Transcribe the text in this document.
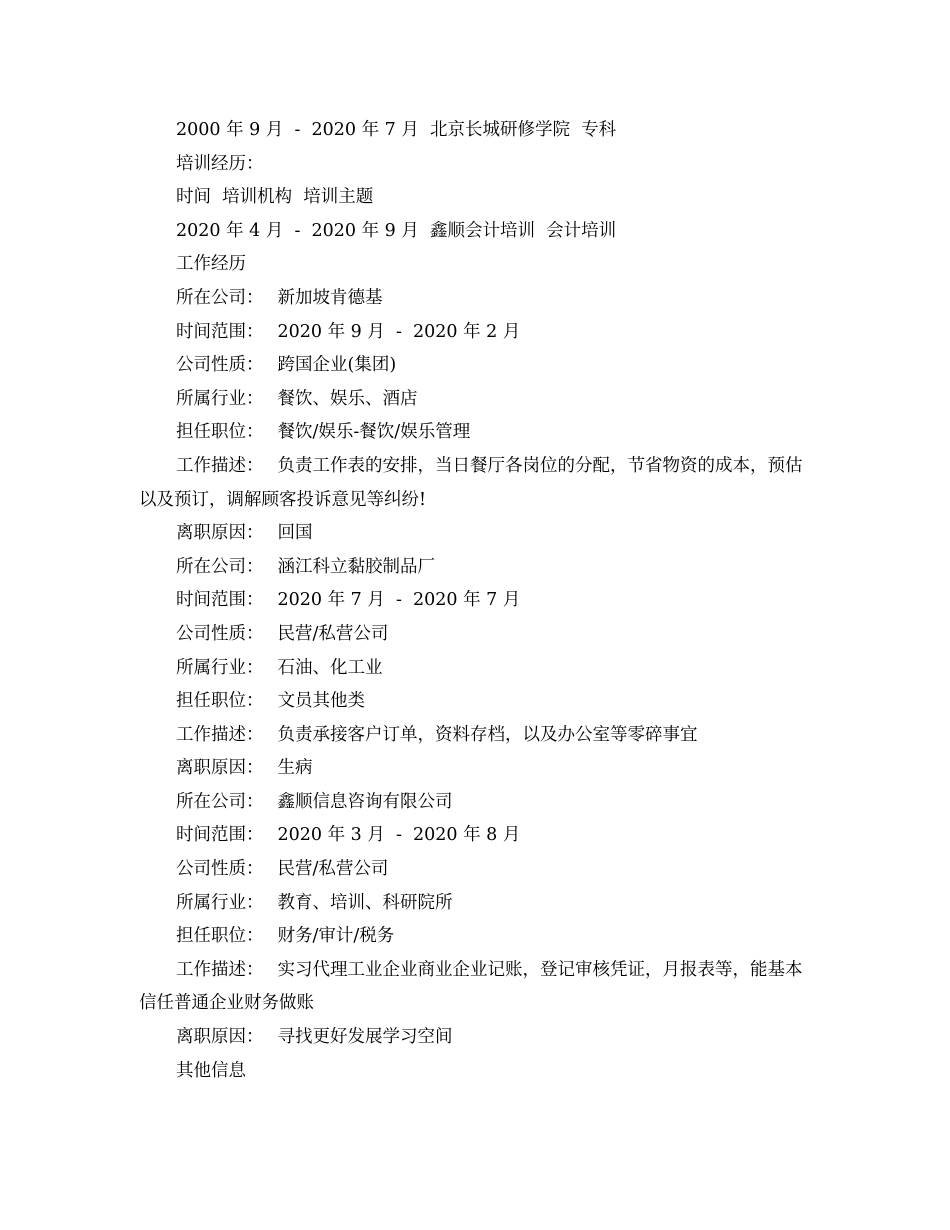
2000 年 9 月  -  2020 年 7 月  北京长城研修学院  专科

培训经历：

时间  培训机构  培训主题

2020 年 4 月  -  2020 年 9 月  鑫顺会计培训  会计培训

工作经历

所在公司： 新加坡肯德基

时间范围： 2020 年 9 月  -  2020 年 2 月

公司性质： 跨国企业(集团)

所属行业： 餐饮、娱乐、酒店

担任职位： 餐饮/娱乐-餐饮/娱乐管理

工作描述： 负责工作表的安排，当日餐厅各岗位的分配，节省物资的成本，预估以及预订，调解顾客投诉意见等纠纷!

离职原因： 回国

所在公司： 涵江科立黏胶制品厂

时间范围： 2020 年 7 月  -  2020 年 7 月

公司性质： 民营/私营公司

所属行业： 石油、化工业

担任职位： 文员其他类

工作描述： 负责承接客户订单，资料存档，以及办公室等零碎事宜

离职原因： 生病

所在公司： 鑫顺信息咨询有限公司

时间范围： 2020 年 3 月  -  2020 年 8 月

公司性质： 民营/私营公司

所属行业： 教育、培训、科研院所

担任职位： 财务/审计/税务

工作描述： 实习代理工业企业商业企业记账，登记审核凭证，月报表等，能基本信任普通企业财务做账

离职原因： 寻找更好发展学习空间

其他信息
